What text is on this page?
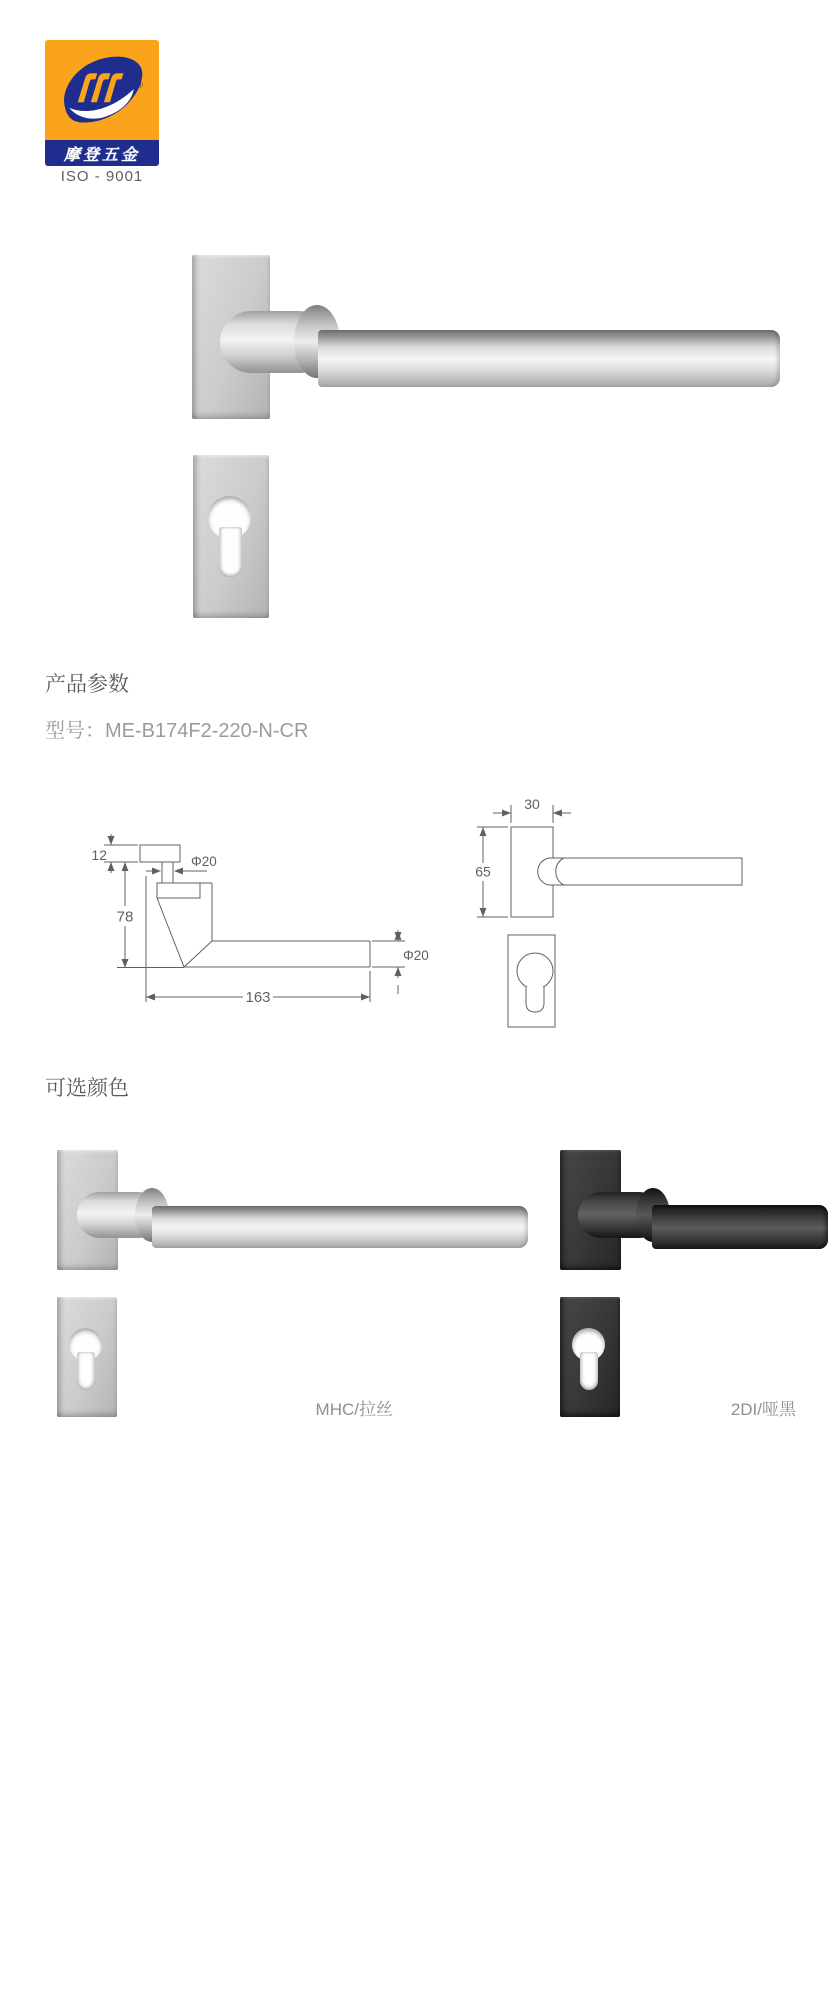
®
摩登五金
ISO - 9001
产品参数
型号：ME-B174F2-220-N-CR
12	Φ20
78
163
Φ20
30
65
可选颜色
MHC/拉丝	2DI/哑黑
